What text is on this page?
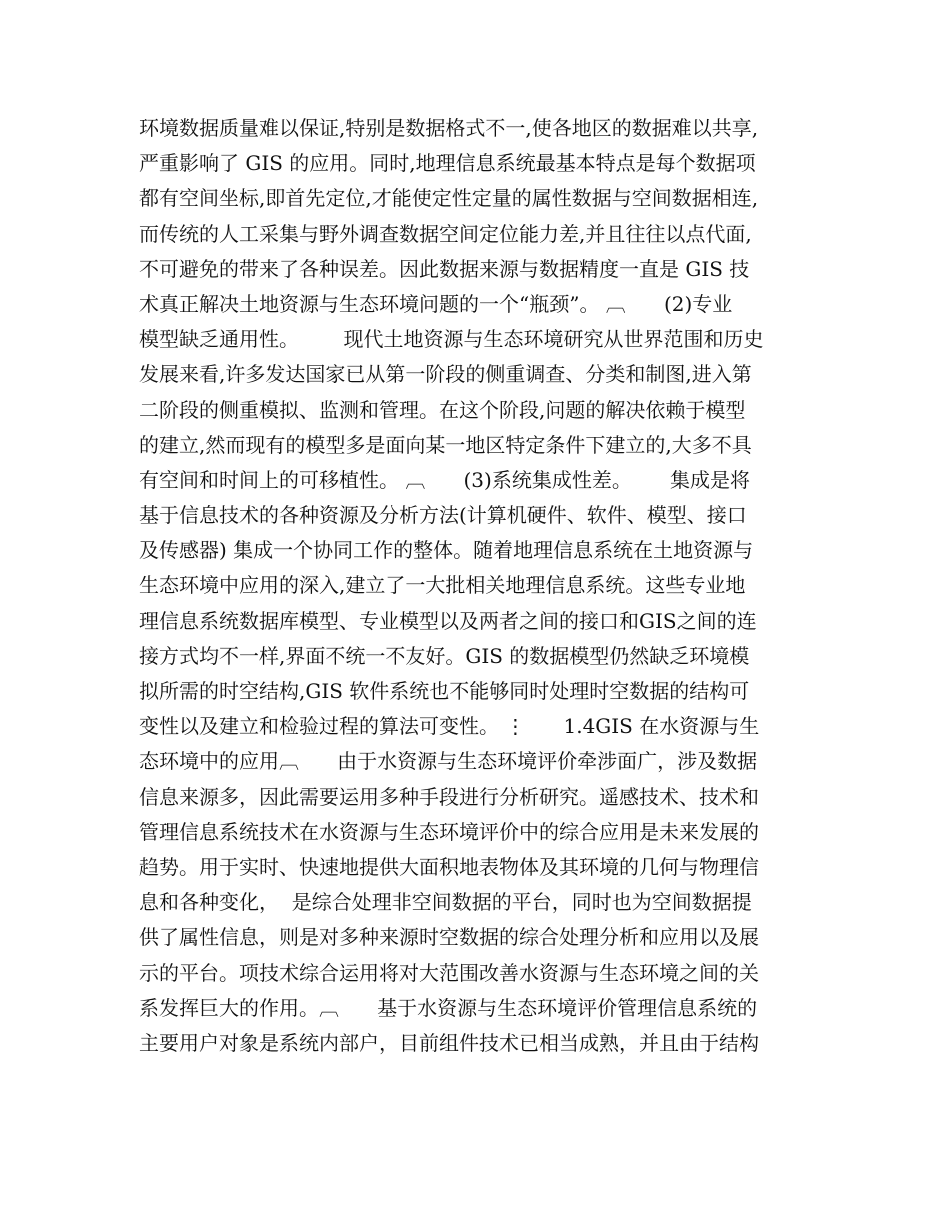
环境数据质量难以保证,特别是数据格式不一,使各地区的数据难以共享,
严重影响了 GIS 的应用。同时,地理信息系统最基本特点是每个数据项
都有空间坐标,即首先定位,才能使定性定量的属性数据与空间数据相连,
而传统的人工采集与野外调查数据空间定位能力差,并且往往以点代面,
不可避免的带来了各种误差。因此数据来源与数据精度一直是 GIS 技
术真正解决土地资源与生态环境问题的一个“瓶颈”。 ︹      (2)专业
模型缺乏通用性。       现代土地资源与生态环境研究从世界范围和历史
发展来看,许多发达国家已从第一阶段的侧重调查、分类和制图,进入第
二阶段的侧重模拟、监测和管理。在这个阶段,问题的解决依赖于模型
的建立,然而现有的模型多是面向某一地区特定条件下建立的,大多不具
有空间和时间上的可移植性。 ︹      (3)系统集成性差。      集成是将
基于信息技术的各种资源及分析方法(计算机硬件、软件、模型、接口
及传感器) 集成一个协同工作的整体。随着地理信息系统在土地资源与
生态环境中应用的深入,建立了一大批相关地理信息系统。这些专业地
理信息系统数据库模型、专业模型以及两者之间的接口和GIS之间的连
接方式均不一样,界面不统一不友好。GIS 的数据模型仍然缺乏环境模
拟所需的时空结构,GIS 软件系统也不能够同时处理时空数据的结构可
变性以及建立和检验过程的算法可变性。 ⋮      1.4GIS 在水资源与生
态环境中的应用︹      由于水资源与生态环境评价牵涉面广，涉及数据
信息来源多，因此需要运用多种手段进行分析研究。遥感技术、技术和
管理信息系统技术在水资源与生态环境评价中的综合应用是未来发展的
趋势。用于实时、快速地提供大面积地表物体及其环境的几何与物理信
息和各种变化，  是综合处理非空间数据的平台，同时也为空间数据提
供了属性信息，则是对多种来源时空数据的综合处理分析和应用以及展
示的平台。项技术综合运用将对大范围改善水资源与生态环境之间的关
系发挥巨大的作用。︹      基于水资源与生态环境评价管理信息系统的
主要用户对象是系统内部户，目前组件技术已相当成熟，并且由于结构
